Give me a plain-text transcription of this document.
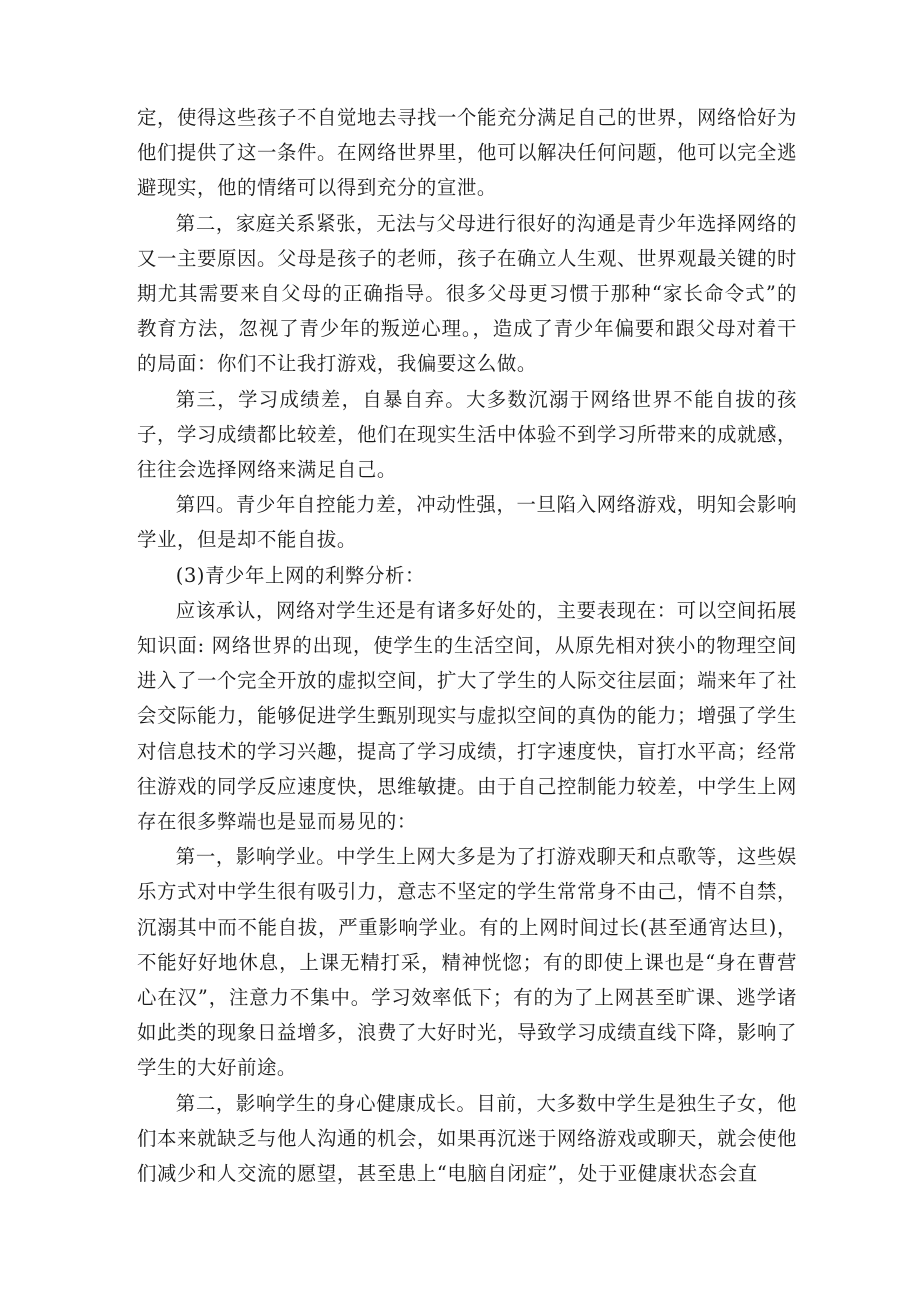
定，使得这些孩子不自觉地去寻找一个能充分满足自己的世界，网络恰好为他们提供了这一条件。在网络世界里，他可以解决任何问题，他可以完全逃避现实，他的情绪可以得到充分的宣泄。

第二，家庭关系紧张，无法与父母进行很好的沟通是青少年选择网络的又一主要原因。父母是孩子的老师，孩子在确立人生观、世界观最关键的时期尤其需要来自父母的正确指导。很多父母更习惯于那种“家长命令式”的教育方法，忽视了青少年的叛逆心理。，造成了青少年偏要和跟父母对着干的局面：你们不让我打游戏，我偏要这么做。

第三，学习成绩差，自暴自弃。大多数沉溺于网络世界不能自拔的孩子，学习成绩都比较差，他们在现实生活中体验不到学习所带来的成就感，往往会选择网络来满足自己。

第四。青少年自控能力差，冲动性强，一旦陷入网络游戏，明知会影响学业，但是却不能自拔。

(3)青少年上网的利弊分析：

应该承认，网络对学生还是有诸多好处的，主要表现在：可以空间拓展知识面: 网络世界的出现，使学生的生活空间，从原先相对狭小的物理空间进入了一个完全开放的虚拟空间，扩大了学生的人际交往层面；端来年了社会交际能力，能够促进学生甄别现实与虚拟空间的真伪的能力；增强了学生对信息技术的学习兴趣，提高了学习成绩，打字速度快，盲打水平高；经常往游戏的同学反应速度快，思维敏捷。由于自己控制能力较差，中学生上网存在很多弊端也是显而易见的：

第一，影响学业。中学生上网大多是为了打游戏聊天和点歌等，这些娱乐方式对中学生很有吸引力，意志不坚定的学生常常身不由己，情不自禁，沉溺其中而不能自拔，严重影响学业。有的上网时间过长(甚至通宵达旦)，不能好好地休息，上课无精打采，精神恍惚；有的即使上课也是“身在曹营心在汉”，注意力不集中。学习效率低下；有的为了上网甚至旷课、逃学诸如此类的现象日益增多，浪费了大好时光，导致学习成绩直线下降，影响了学生的大好前途。

第二，影响学生的身心健康成长。目前，大多数中学生是独生子女，他们本来就缺乏与他人沟通的机会，如果再沉迷于网络游戏或聊天，就会使他们减少和人交流的愿望，甚至患上“电脑自闭症”，处于亚健康状态会直
